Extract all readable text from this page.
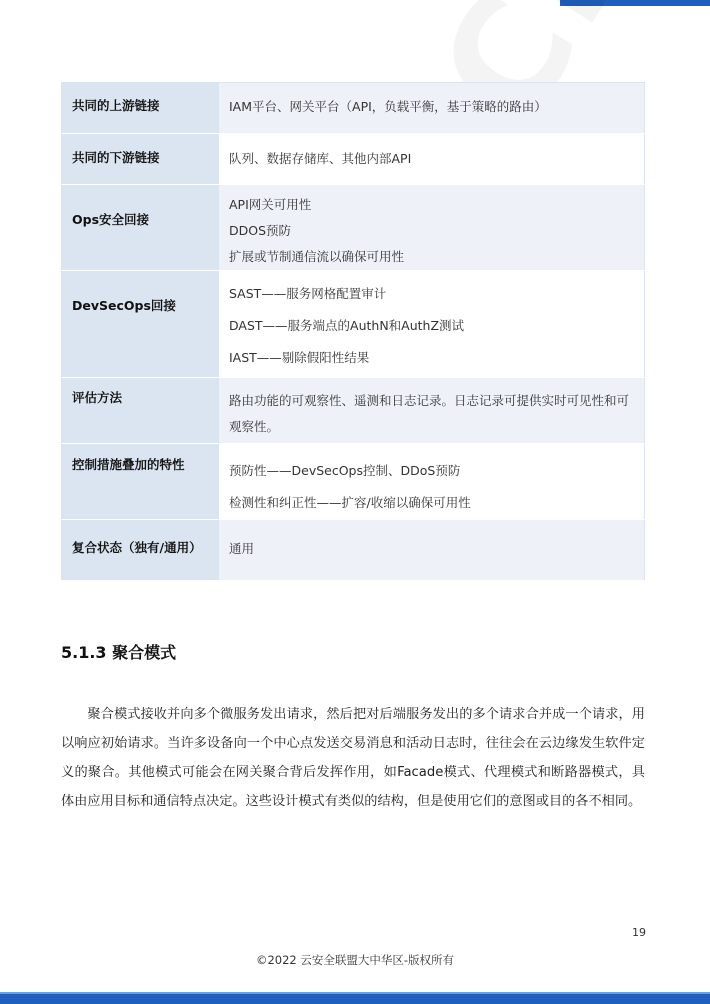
共同的上游链接	IAM平台、网关平台（API，负载平衡，基于策略的路由）

共同的下游链接	队列、数据存储库、其他内部API

Ops安全回接	API网关可用性
DDOS预防
扩展或节制通信流以确保可用性

DevSecOps回接	SAST——服务网格配置审计
DAST——服务端点的AuthN和AuthZ测试
IAST——剔除假阳性结果

评估方法	路由功能的可观察性、遥测和日志记录。日志记录可提供实时可见性和可观察性。

控制措施叠加的特性	预防性——DevSecOps控制、DDoS预防
检测性和纠正性——扩容/收缩以确保可用性

复合状态（独有/通用）	通用
5.1.3 聚合模式

聚合模式接收并向多个微服务发出请求，然后把对后端服务发出的多个请求合并成一个请求，用以响应初始请求。当许多设备向一个中心点发送交易消息和活动日志时，往往会在云边缘发生软件定义的聚合。其他模式可能会在网关聚合背后发挥作用，如Facade模式、代理模式和断路器模式，具体由应用目标和通信特点决定。这些设计模式有类似的结构，但是使用它们的意图或目的各不相同。

19
©2022 云安全联盟大中华区-版权所有
